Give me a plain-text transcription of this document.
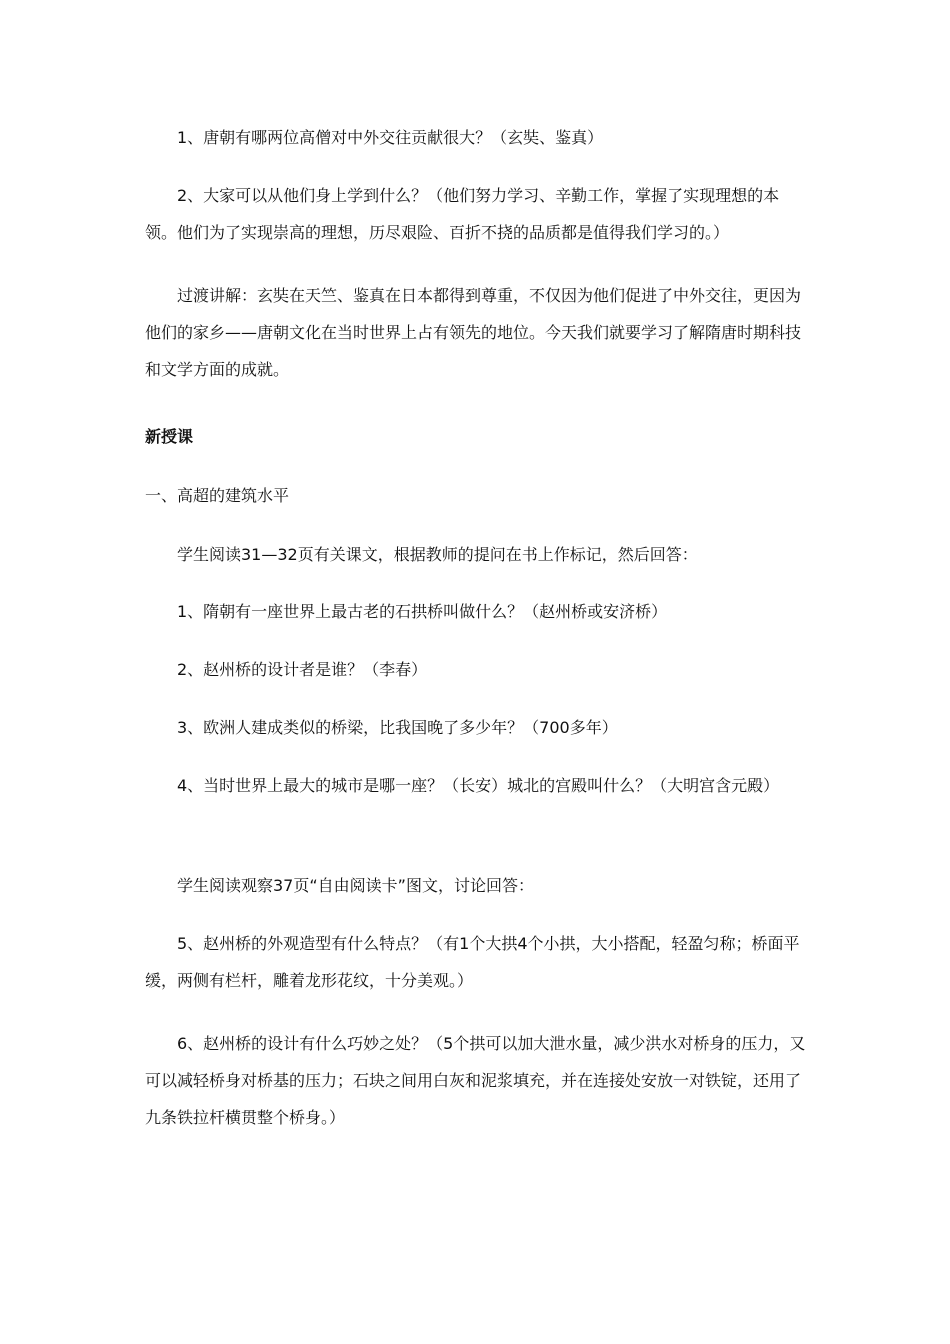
1、唐朝有哪两位高僧对中外交往贡献很大？（玄奘、鉴真）

2、大家可以从他们身上学到什么？（他们努力学习、辛勤工作，掌握了实现理想的本领。他们为了实现崇高的理想，历尽艰险、百折不挠的品质都是值得我们学习的。）

过渡讲解：玄奘在天竺、鉴真在日本都得到尊重，不仅因为他们促进了中外交往，更因为他们的家乡——唐朝文化在当时世界上占有领先的地位。今天我们就要学习了解隋唐时期科技和文学方面的成就。

新授课

一、高超的建筑水平

学生阅读31—32页有关课文，根据教师的提问在书上作标记，然后回答：

1、隋朝有一座世界上最古老的石拱桥叫做什么？（赵州桥或安济桥）

2、赵州桥的设计者是谁？（李春）

3、欧洲人建成类似的桥梁，比我国晚了多少年？（700多年）

4、当时世界上最大的城市是哪一座？（长安）城北的宫殿叫什么？（大明宫含元殿）

学生阅读观察37页“自由阅读卡”图文，讨论回答：

5、赵州桥的外观造型有什么特点？（有1个大拱4个小拱，大小搭配，轻盈匀称；桥面平缓，两侧有栏杆，雕着龙形花纹，十分美观。）

6、赵州桥的设计有什么巧妙之处？（5个拱可以加大泄水量，减少洪水对桥身的压力，又可以减轻桥身对桥基的压力；石块之间用白灰和泥浆填充，并在连接处安放一对铁锭，还用了九条铁拉杆横贯整个桥身。）
